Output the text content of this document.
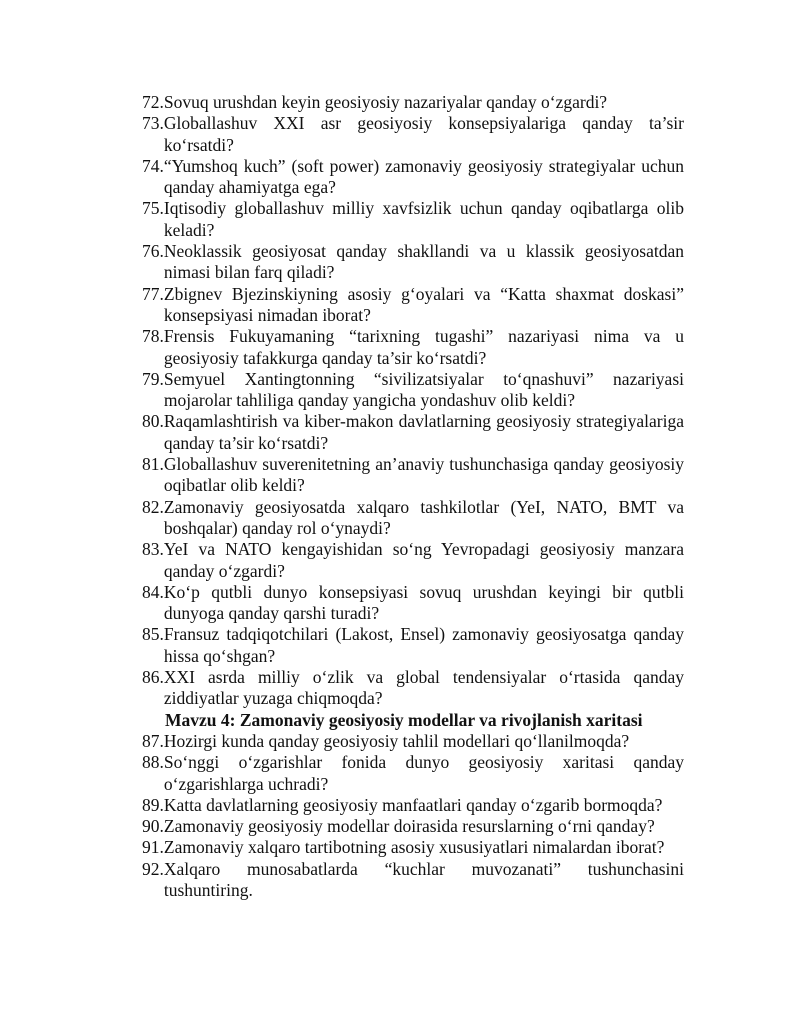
72. Sovuq urushdan keyin geosiyosiy nazariyalar qanday o‘zgardi?
73. Globallashuv XXI asr geosiyosiy konsepsiyalariga qanday ta’sir ko‘rsatdi?
74. “Yumshoq kuch” (soft power) zamonaviy geosiyosiy strategiyalar uchun qanday ahamiyatga ega?
75. Iqtisodiy globallashuv milliy xavfsizlik uchun qanday oqibatlarga olib keladi?
76. Neoklassik geosiyosat qanday shakllandi va u klassik geosiyosatdan nimasi bilan farq qiladi?
77. Zbignev Bjezinskiyning asosiy g‘oyalari va “Katta shaxmat doskasi” konsepsiyasi nimadan iborat?
78. Frensis Fukuyamaning “tarixning tugashi” nazariyasi nima va u geosiyosiy tafakkurga qanday ta’sir ko‘rsatdi?
79. Semyuel Xantingtonning “sivilizatsiyalar to‘qnashuvi” nazariyasi mojarolar tahliliga qanday yangicha yondashuv olib keldi?
80. Raqamlashtirish va kiber-makon davlatlarning geosiyosiy strategiyalariga qanday ta’sir ko‘rsatdi?
81. Globallashuv suverenitetning an’anaviy tushunchasiga qanday geosiyosiy oqibatlar olib keldi?
82. Zamonaviy geosiyosatda xalqaro tashkilotlar (YeI, NATO, BMT va boshqalar) qanday rol o‘ynaydi?
83. YeI va NATO kengayishidan so‘ng Yevropadagi geosiyosiy manzara qanday o‘zgardi?
84. Ko‘p qutbli dunyo konsepsiyasi sovuq urushdan keyingi bir qutbli dunyoga qanday qarshi turadi?
85. Fransuz tadqiqotchilari (Lakost, Ensel) zamonaviy geosiyosatga qanday hissa qo‘shgan?
86. XXI asrda milliy o‘zlik va global tendensiyalar o‘rtasida qanday ziddiyatlar yuzaga chiqmoqda?
Mavzu 4: Zamonaviy geosiyosiy modellar va rivojlanish xaritasi
87. Hozirgi kunda qanday geosiyosiy tahlil modellari qo‘llanilmoqda?
88. So‘nggi o‘zgarishlar fonida dunyo geosiyosiy xaritasi qanday o‘zgarishlarga uchradi?
89. Katta davlatlarning geosiyosiy manfaatlari qanday o‘zgarib bormoqda?
90. Zamonaviy geosiyosiy modellar doirasida resurslarning o‘rni qanday?
91. Zamonaviy xalqaro tartibotning asosiy xususiyatlari nimalardan iborat?
92. Xalqaro munosabatlarda “kuchlar muvozanati” tushunchasini tushuntiring.
